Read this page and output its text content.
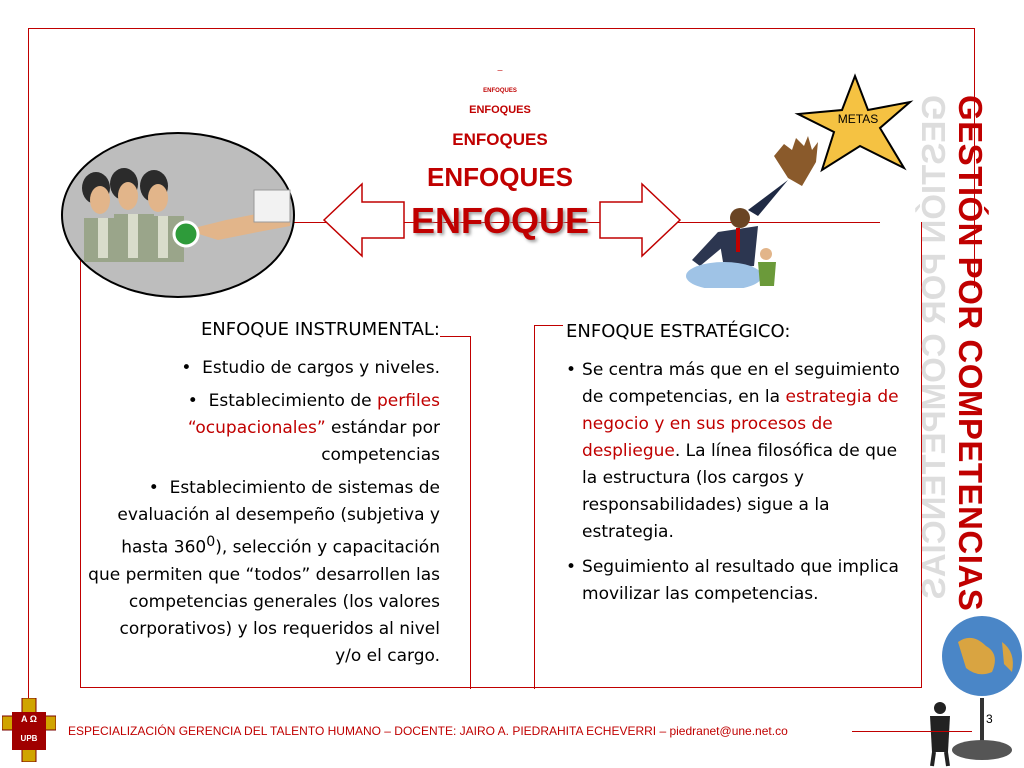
—
ENFOQUES
ENFOQUES
ENFOQUES
ENFOQUES
ENFOQUE
METAS	GESTIÓN POR COMPETENCIAS GESTIÓN POR COMPETENCIAS
ENFOQUE INSTRUMENTAL:

• Estudio de cargos y niveles.

• Establecimiento de perfiles “ocupacionales” estándar por competencias

• Establecimiento de sistemas de evaluación al desempeño (subjetiva y hasta $360^0$), selección y capacitación que permiten que “todos” desarrollen las competencias generales (los valores corporativos) y los requeridos al nivel y/o el cargo.

ENFOQUE ESTRATÉGICO:
• Se centra más que en el seguimiento de competencias, en la estrategia de negocio y en sus procesos de despliegue. La línea filosófica de que la estructura (los cargos y responsabilidades) sigue a la estrategia.
• Seguimiento al resultado que implica movilizar las competencias.
A Ω
UPB
ESPECIALIZACIÓN GERENCIA DEL TALENTO HUMANO – DOCENTE: JAIRO A. PIEDRAHITA ECHEVERRI – piedranet@une.net.co
3
